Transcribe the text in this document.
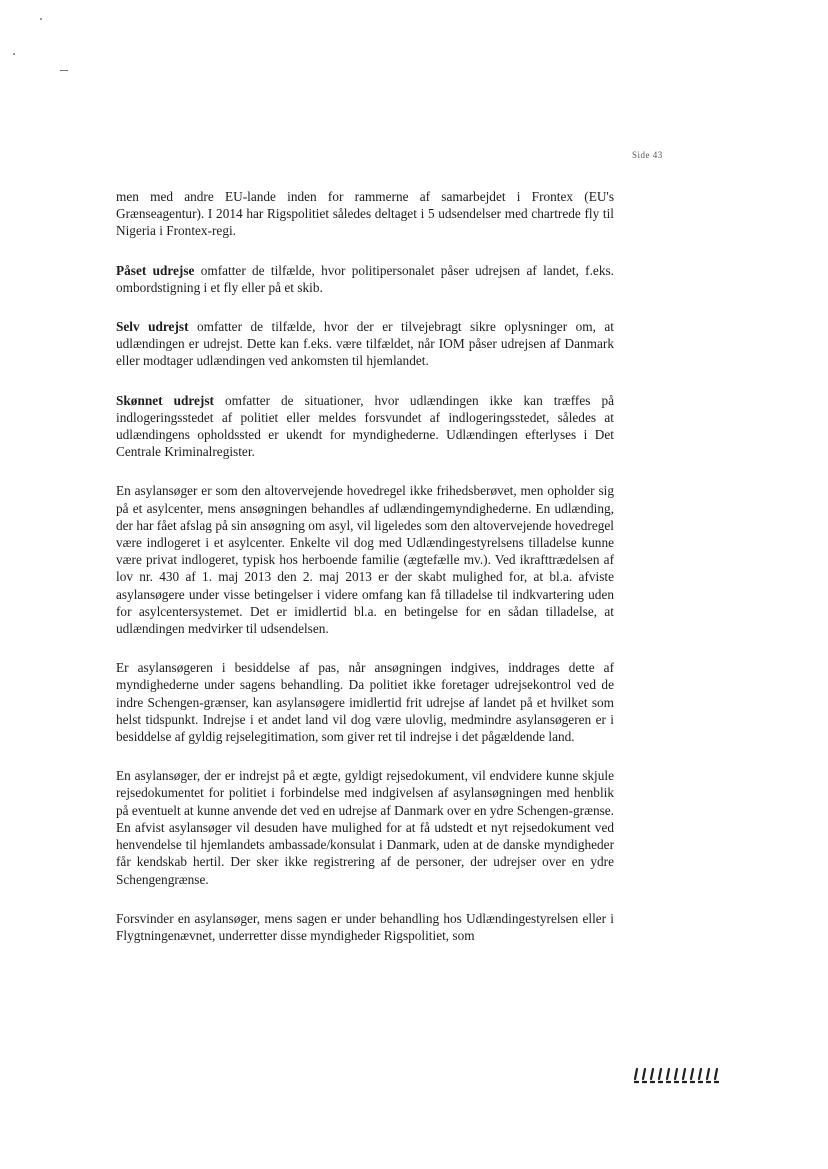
Side 43

men med andre EU-lande inden for rammerne af samarbejdet i Frontex (EU's Grænseagentur). I 2014 har Rigspolitiet således deltaget i 5 udsendelser med chartrede fly til Nigeria i Frontex-regi.

Påset udrejse omfatter de tilfælde, hvor politipersonalet påser udrejsen af landet, f.eks. ombordstigning i et fly eller på et skib.

Selv udrejst omfatter de tilfælde, hvor der er tilvejebragt sikre oplysninger om, at udlændingen er udrejst. Dette kan f.eks. være tilfældet, når IOM påser udrejsen af Danmark eller modtager udlændingen ved ankomsten til hjemlandet.

Skønnet udrejst omfatter de situationer, hvor udlændingen ikke kan træffes på indlogeringsstedet af politiet eller meldes forsvundet af indlogeringsstedet, således at udlændingens opholdssted er ukendt for myndighederne. Udlændingen efterlyses i Det Centrale Kriminalregister.

En asylansøger er som den altovervejende hovedregel ikke frihedsberøvet, men opholder sig på et asylcenter, mens ansøgningen behandles af udlændingemyndighederne. En udlænding, der har fået afslag på sin ansøgning om asyl, vil ligeledes som den altovervejende hovedregel være indlogeret i et asylcenter. Enkelte vil dog med Udlændingestyrelsens tilladelse kunne være privat indlogeret, typisk hos herboende familie (ægtefælle mv.). Ved ikrafttrædelsen af lov nr. 430 af 1. maj 2013 den 2. maj 2013 er der skabt mulighed for, at bl.a. afviste asylansøgere under visse betingelser i videre omfang kan få tilladelse til indkvartering uden for asylcentersystemet. Det er imidlertid bl.a. en betingelse for en sådan tilladelse, at udlændingen medvirker til udsendelsen.

Er asylansøgeren i besiddelse af pas, når ansøgningen indgives, inddrages dette af myndighederne under sagens behandling. Da politiet ikke foretager udrejsekontrol ved de indre Schengen-grænser, kan asylansøgere imidlertid frit udrejse af landet på et hvilket som helst tidspunkt. Indrejse i et andet land vil dog være ulovlig, medmindre asylansøgeren er i besiddelse af gyldig rejselegitimation, som giver ret til indrejse i det pågældende land.

En asylansøger, der er indrejst på et ægte, gyldigt rejsedokument, vil endvidere kunne skjule rejsedokumentet for politiet i forbindelse med indgivelsen af asylansøgningen med henblik på eventuelt at kunne anvende det ved en udrejse af Danmark over en ydre Schengen-grænse. En afvist asylansøger vil desuden have mulighed for at få udstedt et nyt rejsedokument ved henvendelse til hjemlandets ambassade/konsulat i Danmark, uden at de danske myndigheder får kendskab hertil. Der sker ikke registrering af de personer, der udrejser over en ydre Schengengrænse.

Forsvinder en asylansøger, mens sagen er under behandling hos Udlændingestyrelsen eller i Flygtningenævnet, underretter disse myndigheder Rigspolitiet, som
